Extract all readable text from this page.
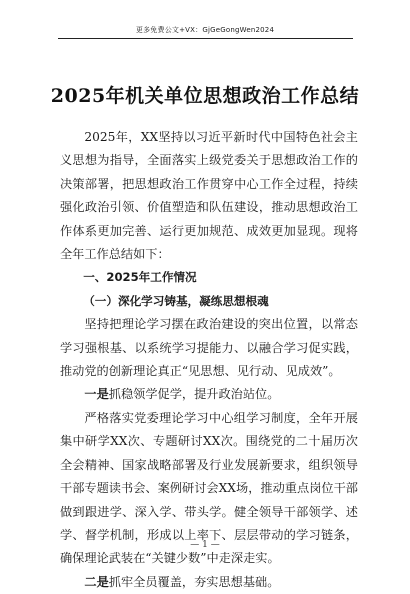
更多免费公文+VX：GjGeGongWen2024
2025年机关单位思想政治工作总结

2025年，XX坚持以习近平新时代中国特色社会主义思想为指导，全面落实上级党委关于思想政治工作的决策部署，把思想政治工作贯穿中心工作全过程，持续强化政治引领、价值塑造和队伍建设，推动思想政治工作体系更加完善、运行更加规范、成效更加显现。现将全年工作总结如下：

一、2025年工作情况

（一）深化学习铸基，凝练思想根魂

坚持把理论学习摆在政治建设的突出位置，以常态学习强根基、以系统学习提能力、以融合学习促实践，推动党的创新理论真正“见思想、见行动、见成效”。

一是抓稳领学促学，提升政治站位。

严格落实党委理论学习中心组学习制度，全年开展集中研学XX次、专题研讨XX次。围绕党的二十届历次全会精神、国家战略部署及行业发展新要求，组织领导干部专题读书会、案例研讨会XX场，推动重点岗位干部做到跟进学、深入学、带头学。健全领导干部领学、述学、督学机制，形成以上率下、层层带动的学习链条，确保理论武装在“关键少数”中走深走实。

二是抓牢全员覆盖，夯实思想基础。

— 1 —
